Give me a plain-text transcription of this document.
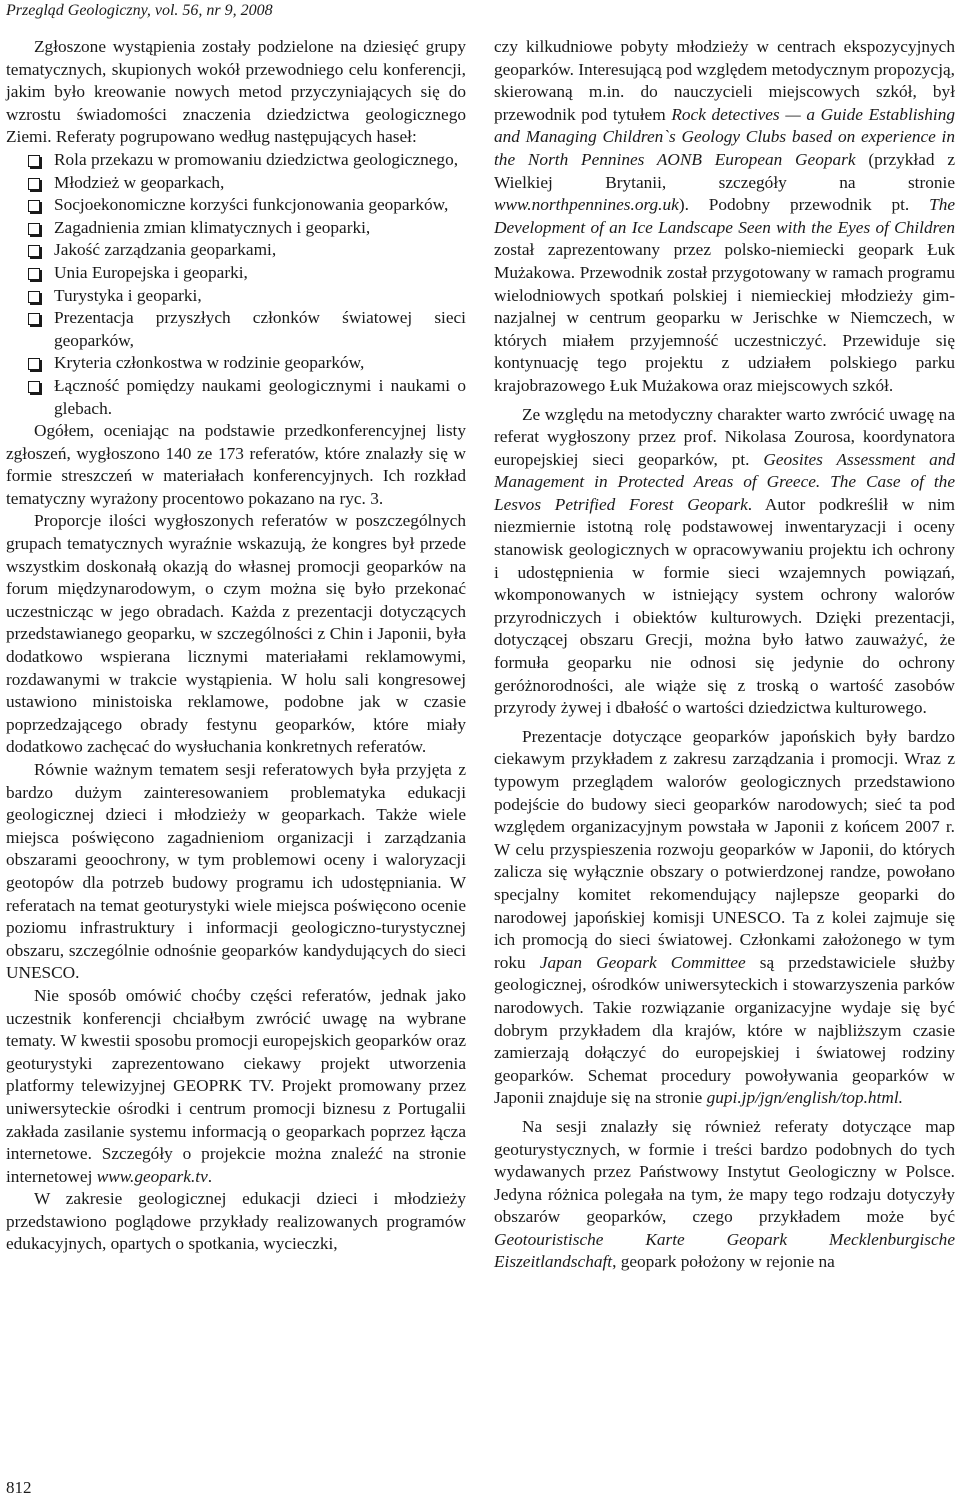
Przegląd Geologiczny, vol. 56, nr 9, 2008

Zgłoszone wystąpienia zostały podzielone na dziesięć grupy tematycznych, skupionych wokół przewodniego celu konferencji, jakim było kreowanie nowych metod przyczyniających się do wzrostu świadomości znaczenia dziedzictwa geologicznego Ziemi. Referaty pogrupowano według następujących haseł:

Rola przekazu w promowaniu dziedzictwa geologicznego,
Młodzież w geoparkach,
Socjoekonomiczne korzyści funkcjonowania geoparków,
Zagadnienia zmian klimatycznych i geoparki,
Jakość zarządzania geoparkami,
Unia Europejska i geoparki,
Turystyka i geoparki,
Prezentacja przyszłych członków światowej sieci geoparków,
Kryteria członkostwa w rodzinie geoparków,
Łączność pomiędzy naukami geologicznymi i naukami o glebach.

Ogółem, oceniając na podstawie przedkonferencyjnej listy zgłoszeń, wygłoszono 140 ze 173 referatów, które znalazły się w formie streszczeń w materiałach konferencyjnych. Ich rozkład tematyczny wyrażony procentowo pokazano na ryc. 3.

Proporcje ilości wygłoszonych referatów w poszczególnych grupach tematycznych wyraźnie wskazują, że kongres był przede wszystkim doskonałą okazją do własnej promocji geoparków na forum międzynarodowym, o czym można się było przekonać uczestnicząc w jego obradach. Każda z prezentacji dotyczących przedstawianego geoparku, w szczególności z Chin i Japonii, była dodatkowo wspierana licznymi materiałami reklamowymi, rozdawanymi w trakcie wystąpienia. W holu sali kongresowej ustawiono ministoiska reklamowe, podobne jak w czasie poprzedzającego obrady festynu geoparków, które miały dodatkowo zachęcać do wysłuchania konkretnych referatów.

Równie ważnym tematem sesji referatowych była przyjęta z bardzo dużym zainteresowaniem problematyka edukacji geologicznej dzieci i młodzieży w geoparkach. Także wiele miejsca poświęcono zagadnieniom organizacji i zarządzania obszarami geoochrony, w tym problemowi oceny i waloryzacji geotopów dla potrzeb budowy programu ich udostępniania. W referatach na temat geoturystyki wiele miejsca poświęcono ocenie poziomu infrastruktury i informacji geologiczno-turystycznej obszaru, szczególnie odnośnie geoparków kandydujących do sieci UNESCO.

Nie sposób omówić choćby części referatów, jednak jako uczestnik konferencji chciałbym zwrócić uwagę na wybrane tematy. W kwestii sposobu promocji europejskich geoparków oraz geoturystyki zaprezentowano ciekawy projekt utworzenia platformy telewizyjnej GEOPRK TV. Projekt promowany przez uniwersyteckie ośrodki i centrum promocji biznesu z Portugalii zakłada zasilanie systemu informacją o geoparkach poprzez łącza internetowe. Szczegóły o projekcie można znaleźć na stronie internetowej www.geopark.tv.

W zakresie geologicznej edukacji dzieci i młodzieży przedstawiono poglądowe przykłady realizowanych programów edukacyjnych, opartych o spotkania, wycieczki,

czy kilkudniowe pobyty młodzieży w centrach ekspozycyjnych geoparków. Interesującą pod względem metodycznym propozycją, skierowaną m.in. do nauczycieli miejscowych szkół, był przewodnik pod tytułem Rock detectives — a Guide Establishing and Managing Children`s Geology Clubs based on experience in the North Pennines AONB European Geopark (przykład z Wielkiej Brytanii, szczegóły na stronie www.northpennines.org.uk). Podobny przewodnik pt. The Development of an Ice Landscape Seen with the Eyes of Children został zaprezentowany przez polsko-niemiecki geopark Łuk Mużakowa. Przewodnik został przygotowany w ramach programu wielodniowych spotkań polskiej i niemieckiej młodzieży gimnazjalnej w centrum geoparku w Jerischke w Niemczech, w których miałem przyjemność uczestniczyć. Przewiduje się kontynuację tego projektu z udziałem polskiego parku krajobrazowego Łuk Mużakowa oraz miejscowych szkół.

Ze względu na metodyczny charakter warto zwrócić uwagę na referat wygłoszony przez prof. Nikolasa Zourosa, koordynatora europejskiej sieci geoparków, pt. Geosites Assessment and Management in Protected Areas of Greece. The Case of the Lesvos Petrified Forest Geopark. Autor podkreślił w nim niezmiernie istotną rolę podstawowej inwentaryzacji i oceny stanowisk geologicznych w opracowywaniu projektu ich ochrony i udostępnienia w formie sieci wzajemnych powiązań, wkomponowanych w istniejący system ochrony walorów przyrodniczych i obiektów kulturowych. Dzięki prezentacji, dotyczącej obszaru Grecji, można było łatwo zauważyć, że formuła geoparku nie odnosi się jedynie do ochrony geróżnorodności, ale wiąże się z troską o wartość zasobów przyrody żywej i dbałość o wartości dziedzictwa kulturowego.

Prezentacje dotyczące geoparków japońskich były bardzo ciekawym przykładem z zakresu zarządzania i promocji. Wraz z typowym przeglądem walorów geologicznych przedstawiono podejście do budowy sieci geoparków narodowych; sieć ta pod względem organizacyjnym powstała w Japonii z końcem 2007 r. W celu przyspieszenia rozwoju geoparków w Japonii, do których zalicza się wyłącznie obszary o potwierdzonej randze, powołano specjalny komitet rekomendujący najlepsze geoparki do narodowej japońskiej komisji UNESCO. Ta z kolei zajmuje się ich promocją do sieci światowej. Członkami założonego w tym roku Japan Geopark Committee są przedstawiciele służby geologicznej, ośrodków uniwersyteckich i stowarzyszenia parków narodowych. Takie rozwiązanie organizacyjne wydaje się być dobrym przykładem dla krajów, które w najbliższym czasie zamierzają dołączyć do europejskiej i światowej rodziny geoparków. Schemat procedury powoływania geoparków w Japonii znajduje się na stronie gupi.jp/jgn/english/top.html.

Na sesji znalazły się również referaty dotyczące map geoturystycznych, w formie i treści bardzo podobnych do tych wydawanych przez Państwowy Instytut Geologiczny w Polsce. Jedyna różnica polegała na tym, że mapy tego rodzaju dotyczyły obszarów geoparków, czego przykładem może być Geotouristische Karte Geopark Mecklenburgische Eiszeitlandschaft, geopark położony w rejonie na

812
